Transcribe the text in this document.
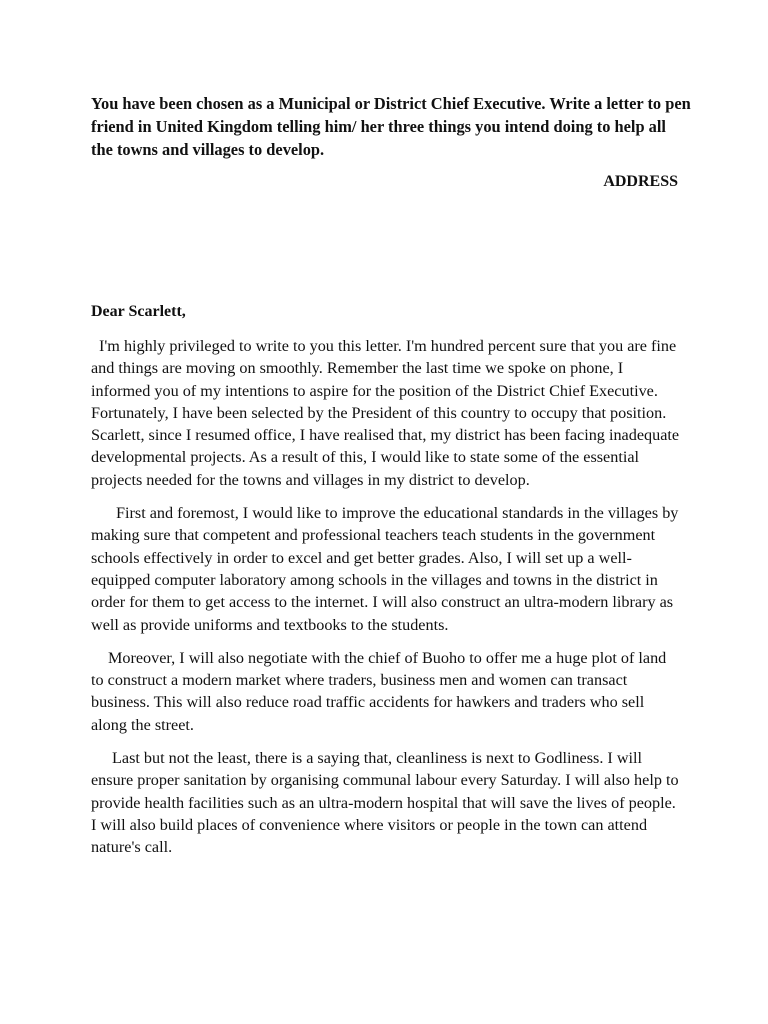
You have been chosen as a Municipal or District Chief Executive. Write a letter to pen friend in United Kingdom telling him/ her three things you intend doing to help all the towns and villages to develop.

ADDRESS

Dear Scarlett,

I'm highly privileged to write to you this letter. I'm hundred percent sure that you are fine and things are moving on smoothly. Remember the last time we spoke on phone, I informed you of my intentions to aspire for the position of the District Chief Executive. Fortunately, I have been selected by the President of this country to occupy that position. Scarlett, since I resumed office, I have realised that, my district has been facing inadequate developmental projects. As a result of this, I would like to state some of the essential projects needed for the towns and villages in my district to develop.

First and foremost, I would like to improve the educational standards in the villages by making sure that competent and professional teachers teach students in the government schools effectively in order to excel and get better grades. Also, I will set up a well- equipped computer laboratory among schools in the villages and towns in the district in order for them to get access to the internet. I will also construct an ultra-modern library as well as provide uniforms and textbooks to the students.

Moreover, I will also negotiate with the chief of Buoho to offer me a huge plot of land to construct a modern market where traders, business men and women can transact business. This will also reduce road traffic accidents for hawkers and traders who sell along the street.

Last but not the least, there is a saying that, cleanliness is next to Godliness. I will ensure proper sanitation by organising communal labour every Saturday. I will also help to provide health facilities such as an ultra-modern hospital that will save the lives of people. I will also build places of convenience where visitors or people in the town can attend nature's call.
